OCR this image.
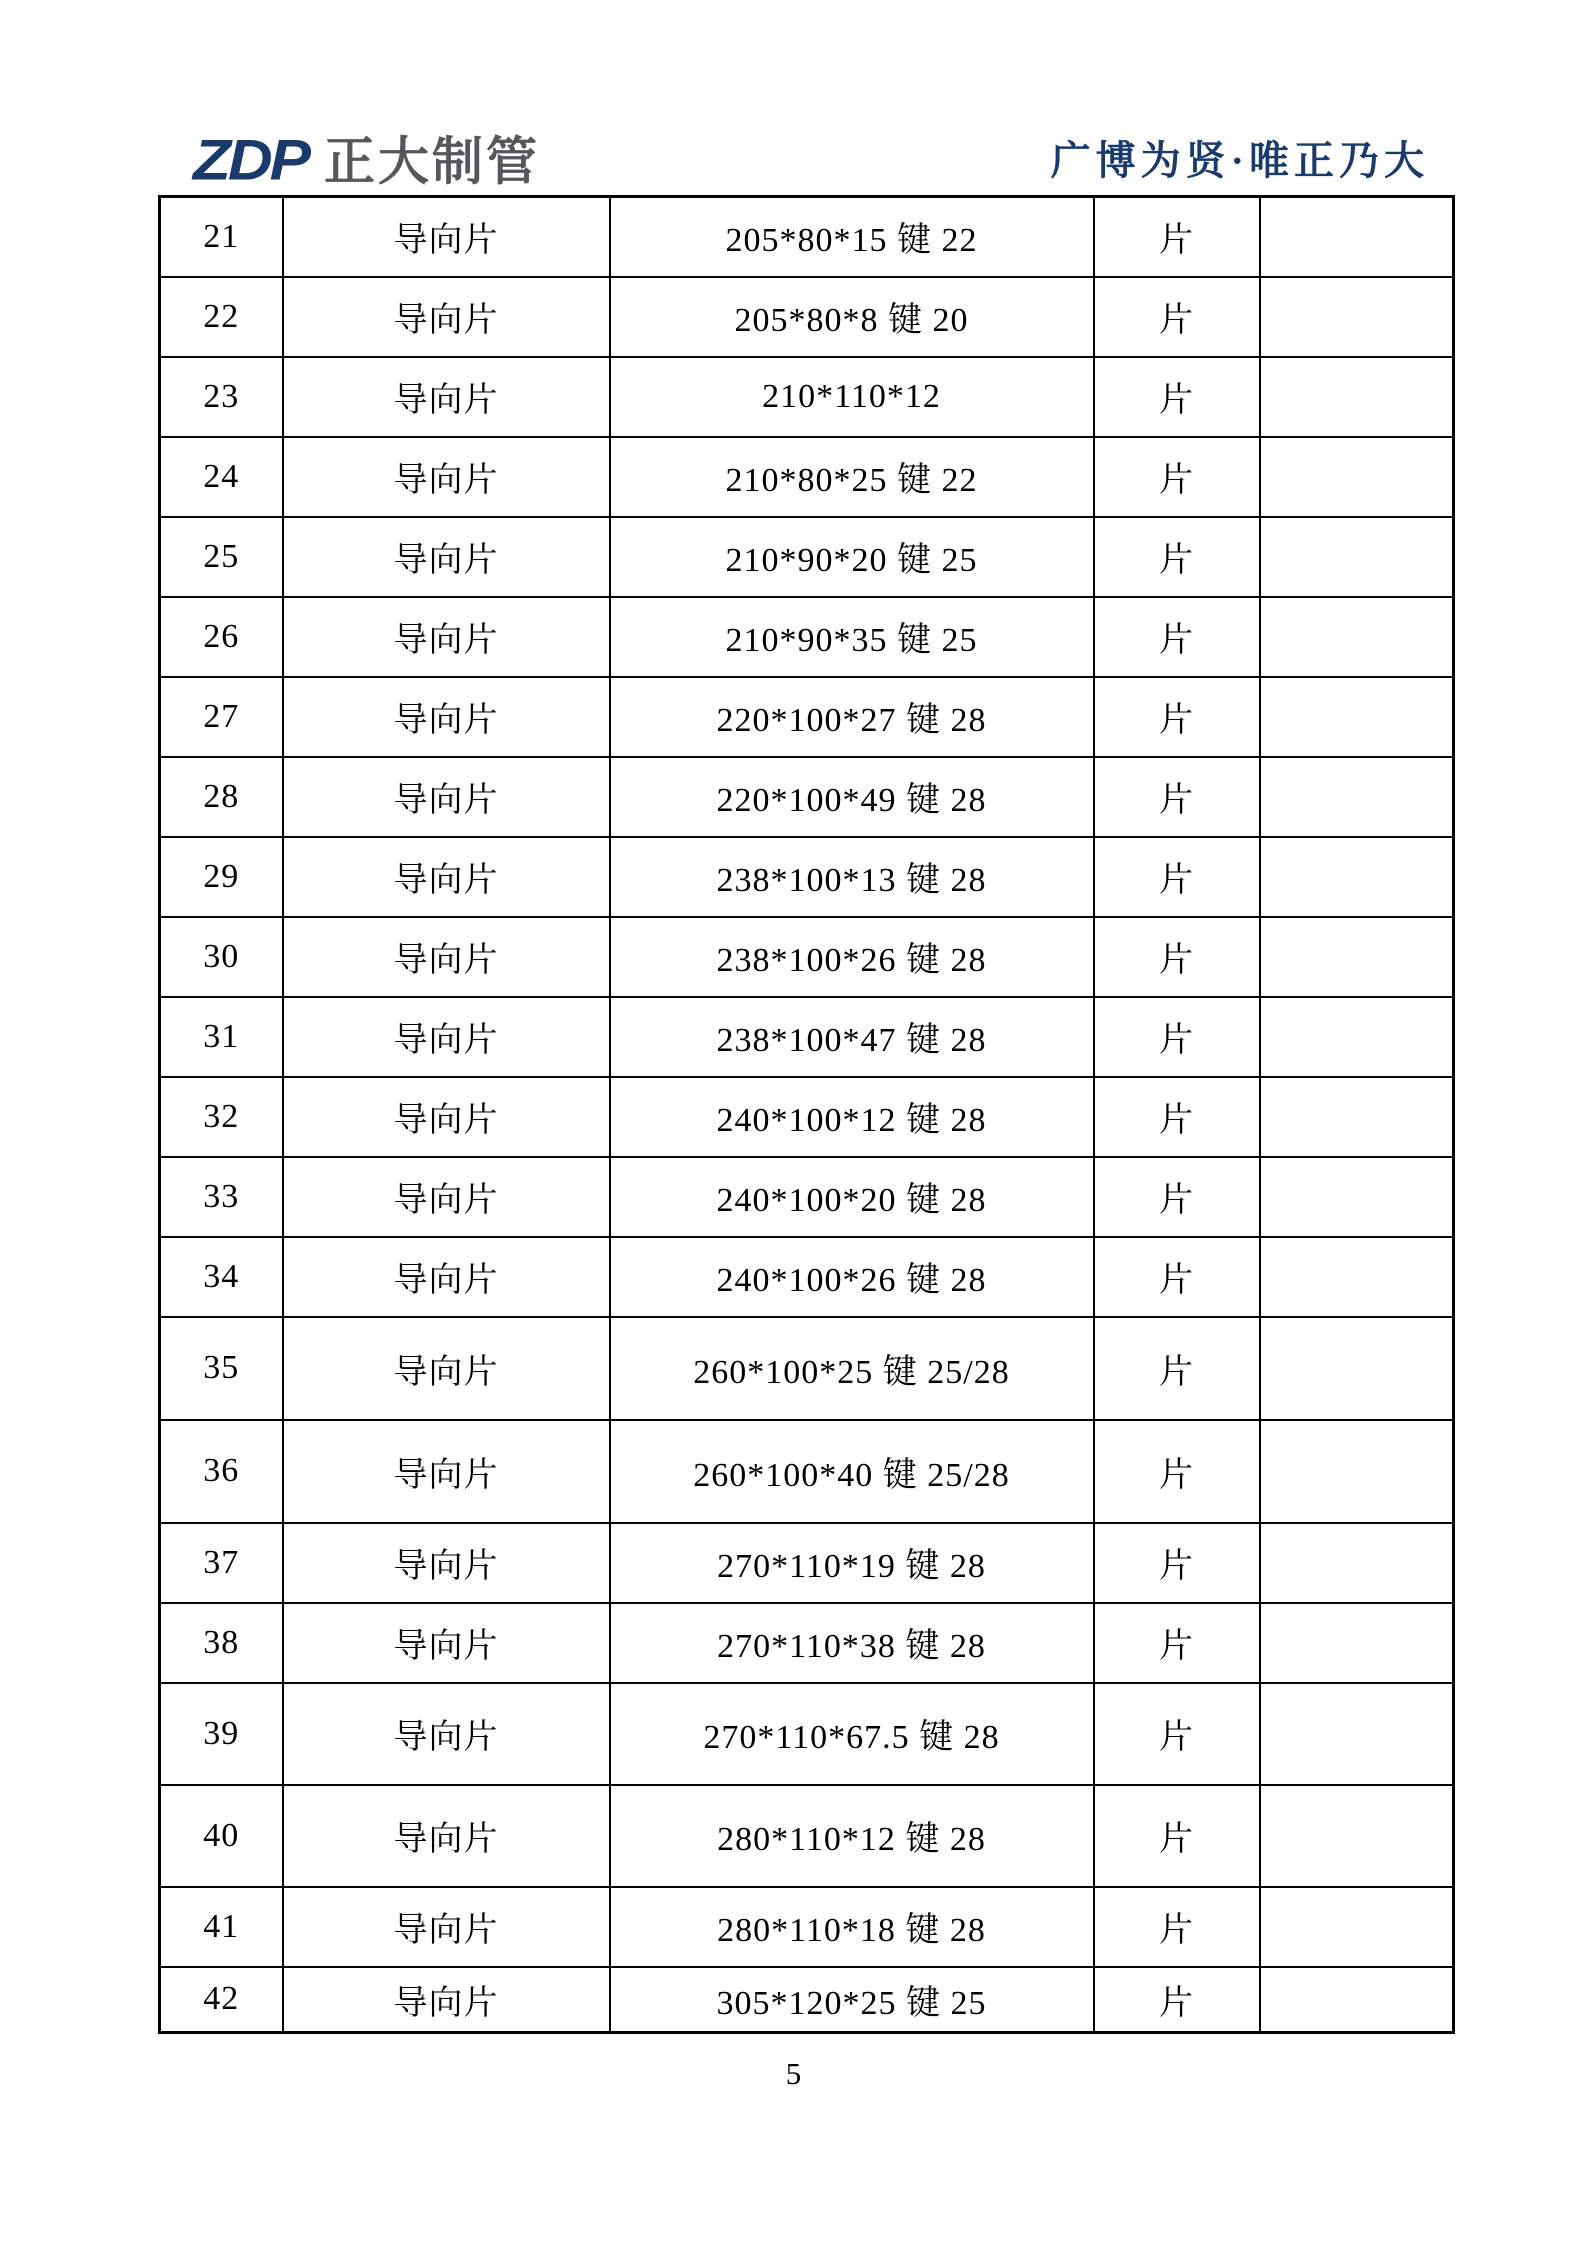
ZDP 正大制管	广博为贤·唯正乃大
21	导向片	205*80*15 键 22	片	
22	导向片	205*80*8 键 20	片	
23	导向片	210*110*12	片	
24	导向片	210*80*25 键 22	片	
25	导向片	210*90*20 键 25	片	
26	导向片	210*90*35 键 25	片	
27	导向片	220*100*27 键 28	片	
28	导向片	220*100*49 键 28	片	
29	导向片	238*100*13 键 28	片	
30	导向片	238*100*26 键 28	片	
31	导向片	238*100*47 键 28	片	
32	导向片	240*100*12 键 28	片	
33	导向片	240*100*20 键 28	片	
34	导向片	240*100*26 键 28	片	
35	导向片	260*100*25 键 25/28	片	
36	导向片	260*100*40 键 25/28	片	
37	导向片	270*110*19 键 28	片	
38	导向片	270*110*38 键 28	片	
39	导向片	270*110*67.5 键 28	片	
40	导向片	280*110*12 键 28	片	
41	导向片	280*110*18 键 28	片	
42	导向片	305*120*25 键 25	片	
5
